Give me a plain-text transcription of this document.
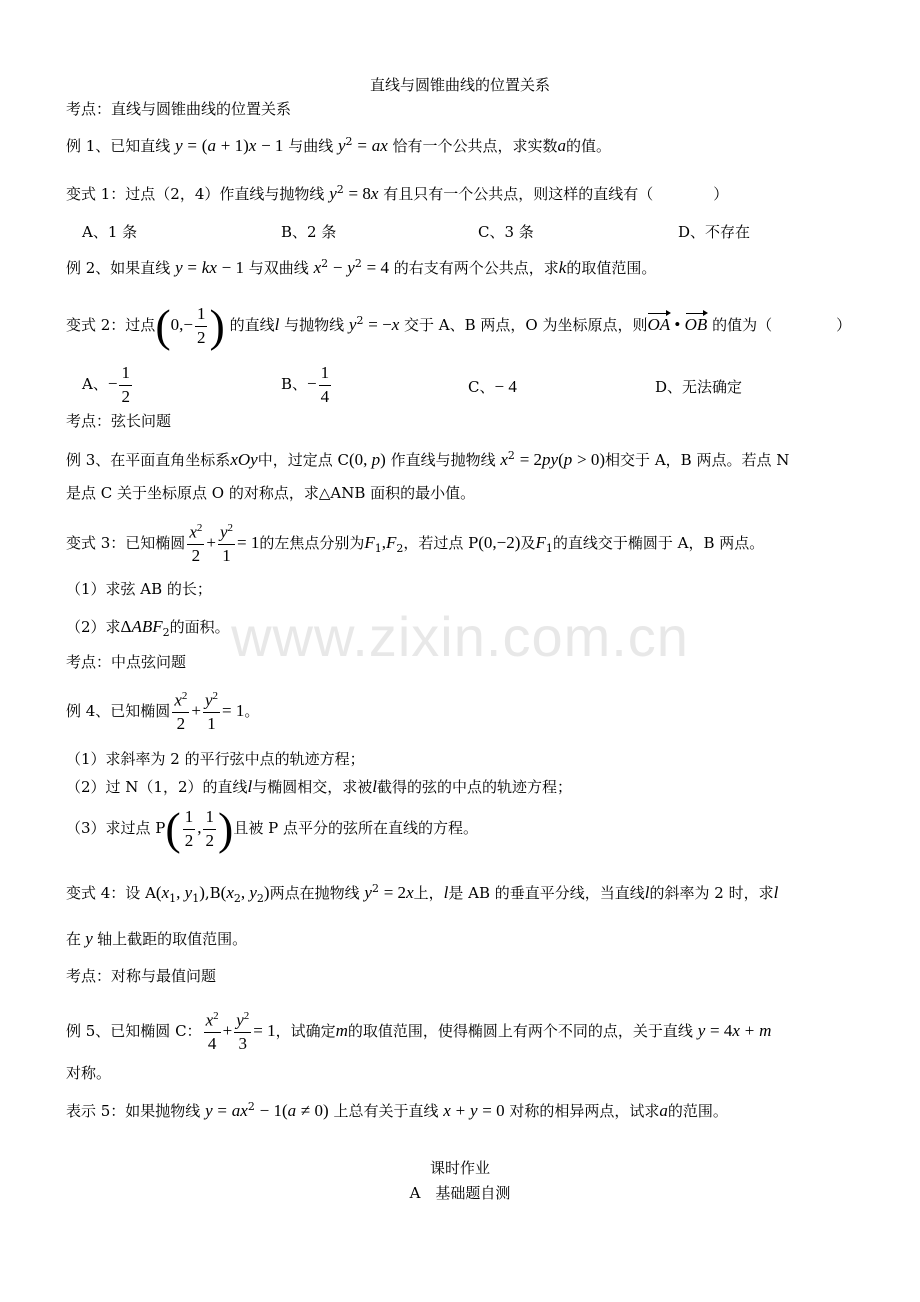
www.zixin.com.cn
直线与圆锥曲线的位置关系
考点：直线与圆锥曲线的位置关系
例 1、已知直线 y = (a + 1)x − 1 与曲线 $y^2$ = ax 恰有一个公共点，求实数a的值。
变式 1：过点（2，4）作直线与抛物线 $y^2 = 8x$ 有且只有一个公共点，则这样的直线有（	）
A、1 条	B、2 条	C、3 条	D、不存在
例 2、如果直线 y = kx − 1 与双曲线 $x^2 - y^2 = 4$ 的右支有两个公共点，求k的取值范围。
变式 2：过点($0,- \frac{1}{2}$ ) 的直线l 与抛物线 $y^2 = -x$ 交于 A、B 两点，O 为坐标原点，则OA • OB 的值为（	）
A、− $\frac{1}{2}$	B、− $\frac{1}{4}$	C、− 4	D、无法确定
考点：弦长问题
例 3、在平面直角坐标系xOy中，过定点 C(0, p) 作直线与抛物线 $x^2 = 2py(p > 0)$相交于 A，B 两点。若点 N
是点 C 关于坐标原点 O 的对称点，求△ANB 面积的最小值。
变式 3：已知椭圆 $\frac{x^2}{2} + \frac{y^2}{1} = 1$的左焦点分别为$F_1,F_2$，若过点 P(0,−2)及$F_1$的直线交于椭圆于 A，B 两点。
（1）求弦 AB 的长；
（2）求$\Delta ABF_2$的面积。
考点：中点弦问题
例 4、已知椭圆 $\frac{x^2}{2} + \frac{y^2}{1} = 1$。
（1）求斜率为 2 的平行弦中点的轨迹方程；
（2）过 N（1，2）的直线l与椭圆相交，求被l截得的弦的中点的轨迹方程；
（3）求过点 $P( \frac{1}{2}$ , $\frac{1}{2}$ )且被 P 点平分的弦所在直线的方程。
变式 4：设 $A(x_1$, $y_1),B(x_2$, $y_2$)两点在抛物线 $y^2 = 2x$上，l是 AB 的垂直平分线，当直线l的斜率为 2 时，求l
在 y 轴上截距的取值范围。
考点：对称与最值问题
例 5、已知椭圆 C： $\frac{x^2}{4} + \frac{y^2}{3} = 1$，试确定m的取值范围，使得椭圆上有两个不同的点，关于直线 y = 4x + m
对称。
表示 5：如果抛物线 $y = ax^2 - 1(a \ne 0)$ 上总有关于直线 x + y = 0 对称的相异两点，试求a的范围。
课时作业
A　基础题自测
